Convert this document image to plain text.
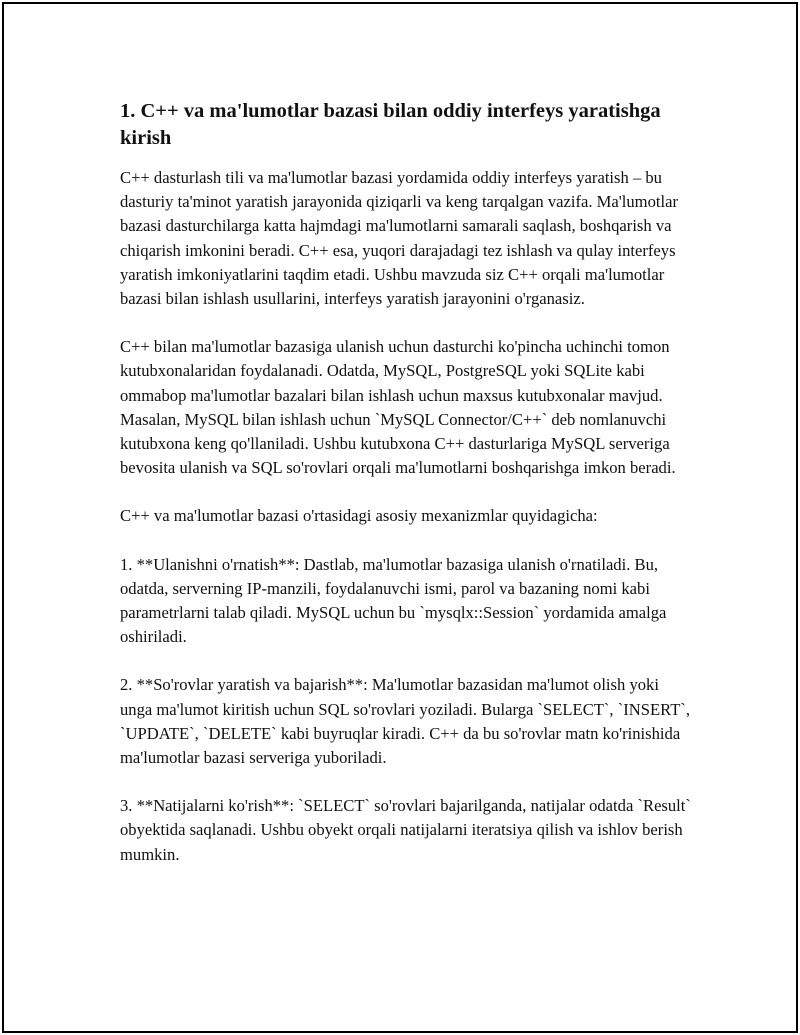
1. C++ va ma'lumotlar bazasi bilan oddiy interfeys yaratishga kirish

C++ dasturlash tili va ma'lumotlar bazasi yordamida oddiy interfeys yaratish – bu dasturiy ta'minot yaratish jarayonida qiziqarli va keng tarqalgan vazifa. Ma'lumotlar bazasi dasturchilarga katta hajmdagi ma'lumotlarni samarali saqlash, boshqarish va chiqarish imkonini beradi. C++ esa, yuqori darajadagi tez ishlash va qulay interfeys yaratish imkoniyatlarini taqdim etadi. Ushbu mavzuda siz C++ orqali ma'lumotlar bazasi bilan ishlash usullarini, interfeys yaratish jarayonini o'rganasiz.

C++ bilan ma'lumotlar bazasiga ulanish uchun dasturchi ko'pincha uchinchi tomon kutubxonalaridan foydalanadi. Odatda, MySQL, PostgreSQL yoki SQLite kabi ommabop ma'lumotlar bazalari bilan ishlash uchun maxsus kutubxonalar mavjud. Masalan, MySQL bilan ishlash uchun `MySQL Connector/C++` deb nomlanuvchi kutubxona keng qo'llaniladi. Ushbu kutubxona C++ dasturlariga MySQL serveriga bevosita ulanish va SQL so'rovlari orqali ma'lumotlarni boshqarishga imkon beradi.

C++ va ma'lumotlar bazasi o'rtasidagi asosiy mexanizmlar quyidagicha:

1. **Ulanishni o'rnatish**: Dastlab, ma'lumotlar bazasiga ulanish o'rnatiladi. Bu, odatda, serverning IP-manzili, foydalanuvchi ismi, parol va bazaning nomi kabi parametrlarni talab qiladi. MySQL uchun bu `mysqlx::Session` yordamida amalga oshiriladi.

2. **So'rovlar yaratish va bajarish**: Ma'lumotlar bazasidan ma'lumot olish yoki unga ma'lumot kiritish uchun SQL so'rovlari yoziladi. Bularga `SELECT`, `INSERT`, `UPDATE`, `DELETE` kabi buyruqlar kiradi. C++ da bu so'rovlar matn ko'rinishida ma'lumotlar bazasi serveriga yuboriladi.

3. **Natijalarni ko'rish**: `SELECT` so'rovlari bajarilganda, natijalar odatda `Result` obyektida saqlanadi. Ushbu obyekt orqali natijalarni iteratsiya qilish va ishlov berish mumkin.
